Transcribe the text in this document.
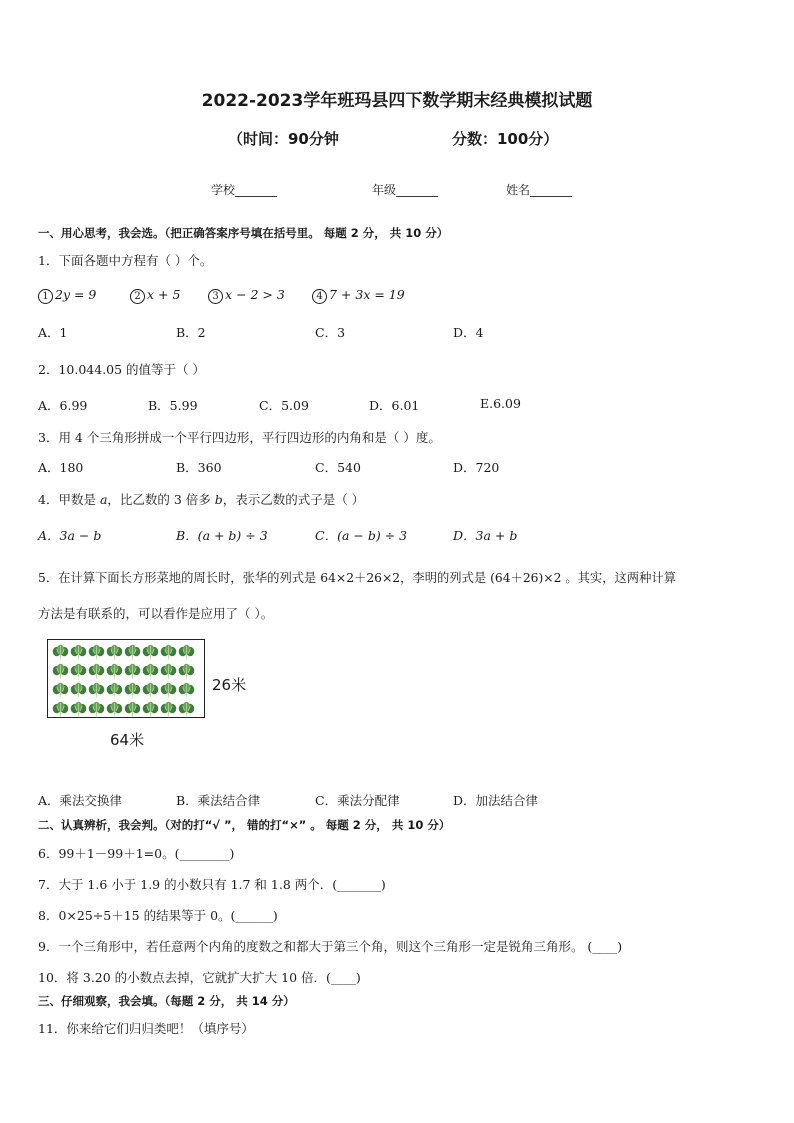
2022-2023学年班玛县四下数学期末经典模拟试题
（时间：90分钟	分数：100分）
学校_______	年级_______	姓名_______
一、用心思考，我会选。（把正确答案序号填在括号里。 每题 2 分， 共 10 分）
1．下面各题中方程有（ ）个。
1 2y = 9	2 x + 5	3 x − 2 > 3	4 7 + 3x = 19
A．1	B．2	C．3	D．4
2．10.044.05 的值等于（ ）
A．6.99	B．5.99	C．5.09	D．6.01	E.6.09
3．用 4 个三角形拼成一个平行四边形，平行四边形的内角和是（ ）度。
A．180	B．360	C．540	D．720
4．甲数是 a，比乙数的 3 倍多 b，表示乙数的式子是（ ）
A．3a − b	B．(a + b) ÷ 3	C．(a − b) ÷ 3	D．3a + b
5．在计算下面长方形菜地的周长时，张华的列式是 64×2＋26×2，李明的列式是 (64＋26)×2 。其实，这两种计算
方法是有联系的，可以看作是应用了（ ）。
26米
64米
A．乘法交换律	B．乘法结合律	C．乘法分配律	D．加法结合律
二、认真辨析，我会判。（对的打“√ ”， 错的打“×” 。 每题 2 分， 共 10 分）
6．99＋1－99＋1=0。(________)
7．大于 1.6 小于 1.9 的小数只有 1.7 和 1.8 两个．(_______)
8．0×25÷5＋15 的结果等于 0。(______)
9．一个三角形中，若任意两个内角的度数之和都大于第三个角，则这个三角形一定是锐角三角形。 (____)
10．将 3.20 的小数点去掉，它就扩大扩大 10 倍．(____)
三、仔细观察，我会填。（每题 2 分， 共 14 分）
11．你来给它们归归类吧！（填序号）
